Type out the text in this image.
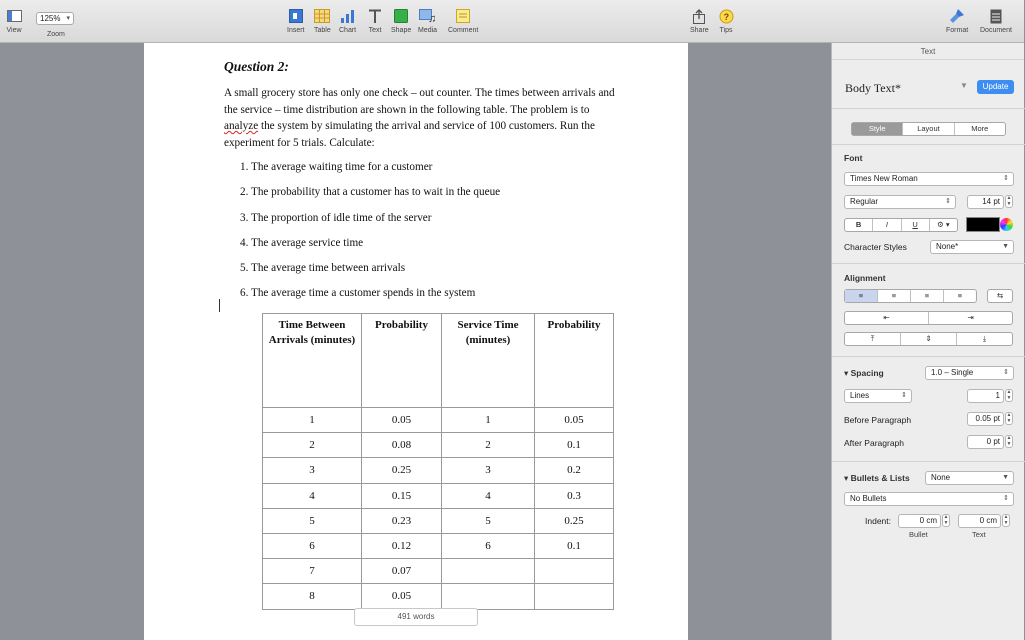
View
125% ▾
Zoom
Insert Table Chart Text Shape
♫
Media Comment	Share
?
Tips	Format Document
Question 2:

A small grocery store has only one check – out counter. The times between arrivals and the service – time distribution are shown in the following table. The problem is to analyze the system by simulating the arrival and service of 100 customers. Run the experiment for 5 trials. Calculate:

1. The average waiting time for a customer
2. The probability that a customer has to wait in the queue
3. The proportion of idle time of the server
4. The average service time
5. The average time between arrivals
6. The average time a customer spends in the system
Time Between Arrivals (minutes)	Probability	Service Time (minutes)	Probability
1	0.05	1	0.05
2	0.08	2	0.1
3	0.25	3	0.2
4	0.15	4	0.3
5	0.23	5	0.25
6	0.12	6	0.1
7	0.07		
8	0.05		
491 words
Text
Body Text*	▼	Update
Style	Layout	More
Font
Times New Roman	⇕
Regular	⇕	14 pt	▲
▼
B	I	U	⚙ ▾
Character Styles	None*	▼
Alignment
≡	≡	≡	≡	⇆
⇤	⇥
⤒	⇕	⤓
▾ Spacing	1.0 – Single	⇕
Lines	⇕	1	▲
▼
Before Paragraph	0.05 pt	▲
▼
After Paragraph	0 pt	▲
▼
▾ Bullets & Lists	None	▼
No Bullets	⇕
Indent:	0 cm	▲
▼	0 cm	▲
▼
Bullet	Text
